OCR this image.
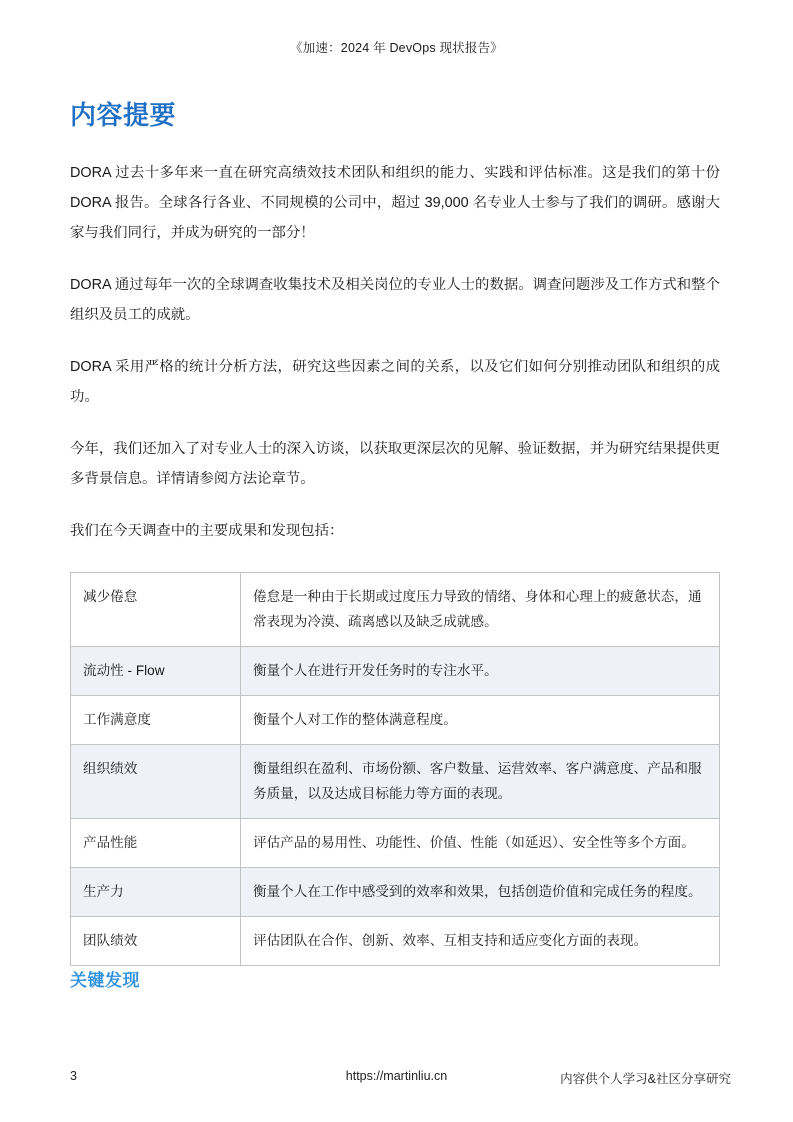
《加速：2024 年 DevOps 现状报告》
内容提要

DORA 过去十多年来一直在研究高绩效技术团队和组织的能力、实践和评估标准。这是我们的第十份 DORA 报告。全球各行各业、不同规模的公司中，超过 39,000 名专业人士参与了我们的调研。感谢大家与我们同行，并成为研究的一部分！

DORA 通过每年一次的全球调查收集技术及相关岗位的专业人士的数据。调查问题涉及工作方式和整个组织及员工的成就。

DORA 采用严格的统计分析方法，研究这些因素之间的关系，以及它们如何分别推动团队和组织的成功。

今年，我们还加入了对专业人士的深入访谈，以获取更深层次的见解、验证数据，并为研究结果提供更多背景信息。详情请参阅方法论章节。

我们在今天调查中的主要成果和发现包括：

减少倦怠	倦怠是一种由于长期或过度压力导致的情绪、身体和心理上的疲惫状态，通常表现为冷漠、疏离感以及缺乏成就感。
流动性 - Flow	衡量个人在进行开发任务时的专注水平。
工作满意度	衡量个人对工作的整体满意程度。
组织绩效	衡量组织在盈利、市场份额、客户数量、运营效率、客户满意度、产品和服务质量，以及达成目标能力等方面的表现。
产品性能	评估产品的易用性、功能性、价值、性能（如延迟）、安全性等多个方面。
生产力	衡量个人在工作中感受到的效率和效果，包括创造价值和完成任务的程度。
团队绩效	评估团队在合作、创新、效率、互相支持和适应变化方面的表现。
关键发现
3	https://martinliu.cn	内容供个人学习&社区分享研究
